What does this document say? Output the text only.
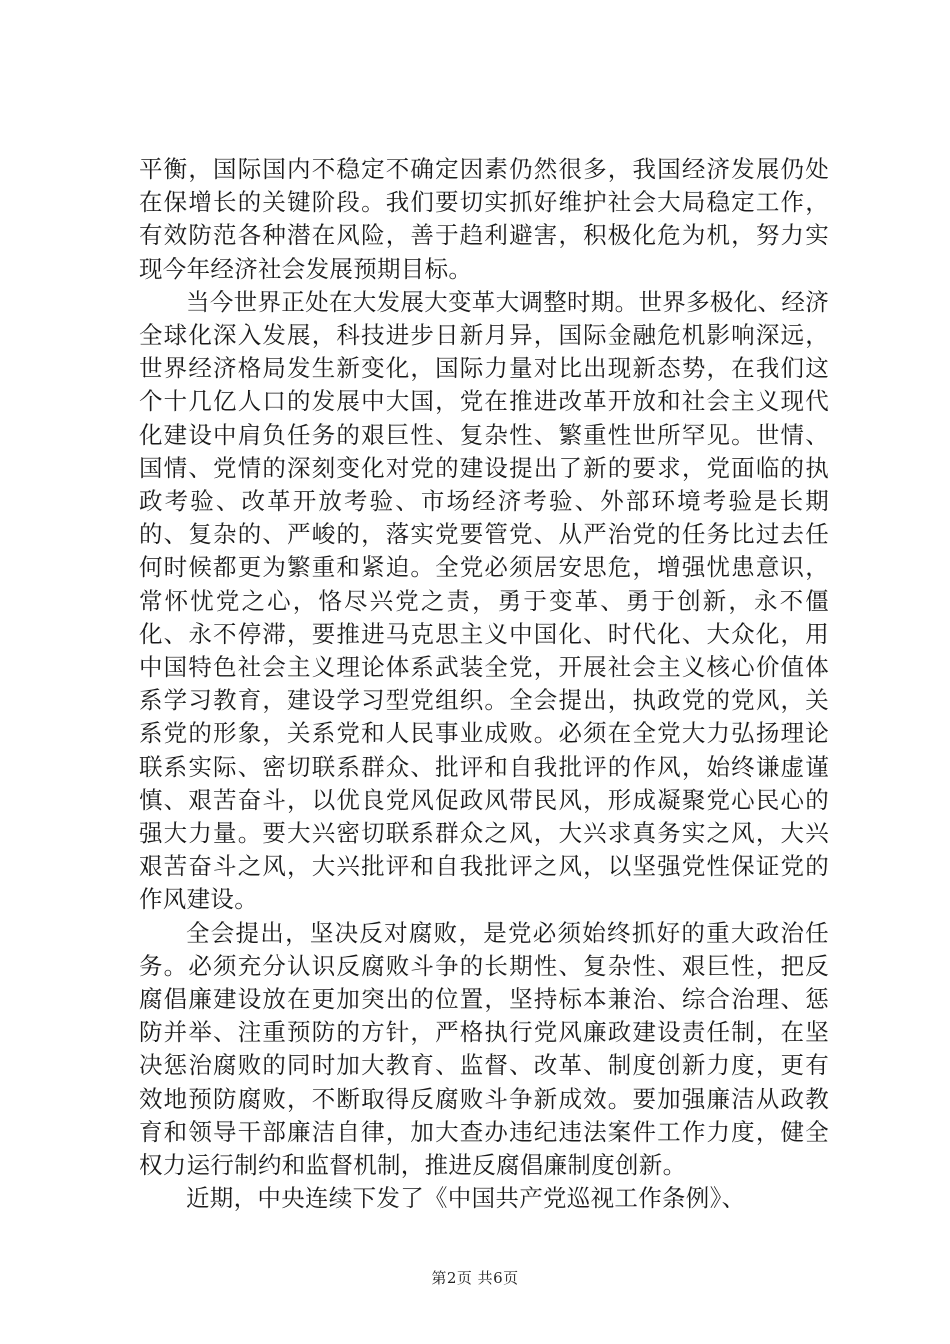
平衡，国际国内不稳定不确定因素仍然很多，我国经济发展仍处在保增长的关键阶段。我们要切实抓好维护社会大局稳定工作，有效防范各种潜在风险，善于趋利避害，积极化危为机，努力实现今年经济社会发展预期目标。

当今世界正处在大发展大变革大调整时期。世界多极化、经济全球化深入发展，科技进步日新月异，国际金融危机影响深远，世界经济格局发生新变化，国际力量对比出现新态势，在我们这个十几亿人口的发展中大国，党在推进改革开放和社会主义现代化建设中肩负任务的艰巨性、复杂性、繁重性世所罕见。世情、国情、党情的深刻变化对党的建设提出了新的要求，党面临的执政考验、改革开放考验、市场经济考验、外部环境考验是长期的、复杂的、严峻的，落实党要管党、从严治党的任务比过去任何时候都更为繁重和紧迫。全党必须居安思危，增强忧患意识，常怀忧党之心，恪尽兴党之责，勇于变革、勇于创新，永不僵化、永不停滞，要推进马克思主义中国化、时代化、大众化，用中国特色社会主义理论体系武装全党，开展社会主义核心价值体系学习教育，建设学习型党组织。全会提出，执政党的党风，关系党的形象，关系党和人民事业成败。必须在全党大力弘扬理论联系实际、密切联系群众、批评和自我批评的作风，始终谦虚谨慎、艰苦奋斗，以优良党风促政风带民风，形成凝聚党心民心的强大力量。要大兴密切联系群众之风，大兴求真务实之风，大兴艰苦奋斗之风，大兴批评和自我批评之风，以坚强党性保证党的作风建设。

全会提出，坚决反对腐败，是党必须始终抓好的重大政治任务。必须充分认识反腐败斗争的长期性、复杂性、艰巨性，把反腐倡廉建设放在更加突出的位置，坚持标本兼治、综合治理、惩防并举、注重预防的方针，严格执行党风廉政建设责任制，在坚决惩治腐败的同时加大教育、监督、改革、制度创新力度，更有效地预防腐败，不断取得反腐败斗争新成效。要加强廉洁从政教育和领导干部廉洁自律，加大查办违纪违法案件工作力度，健全权力运行制约和监督机制，推进反腐倡廉制度创新。

近期，中央连续下发了《中国共产党巡视工作条例》、

第2页 共6页
